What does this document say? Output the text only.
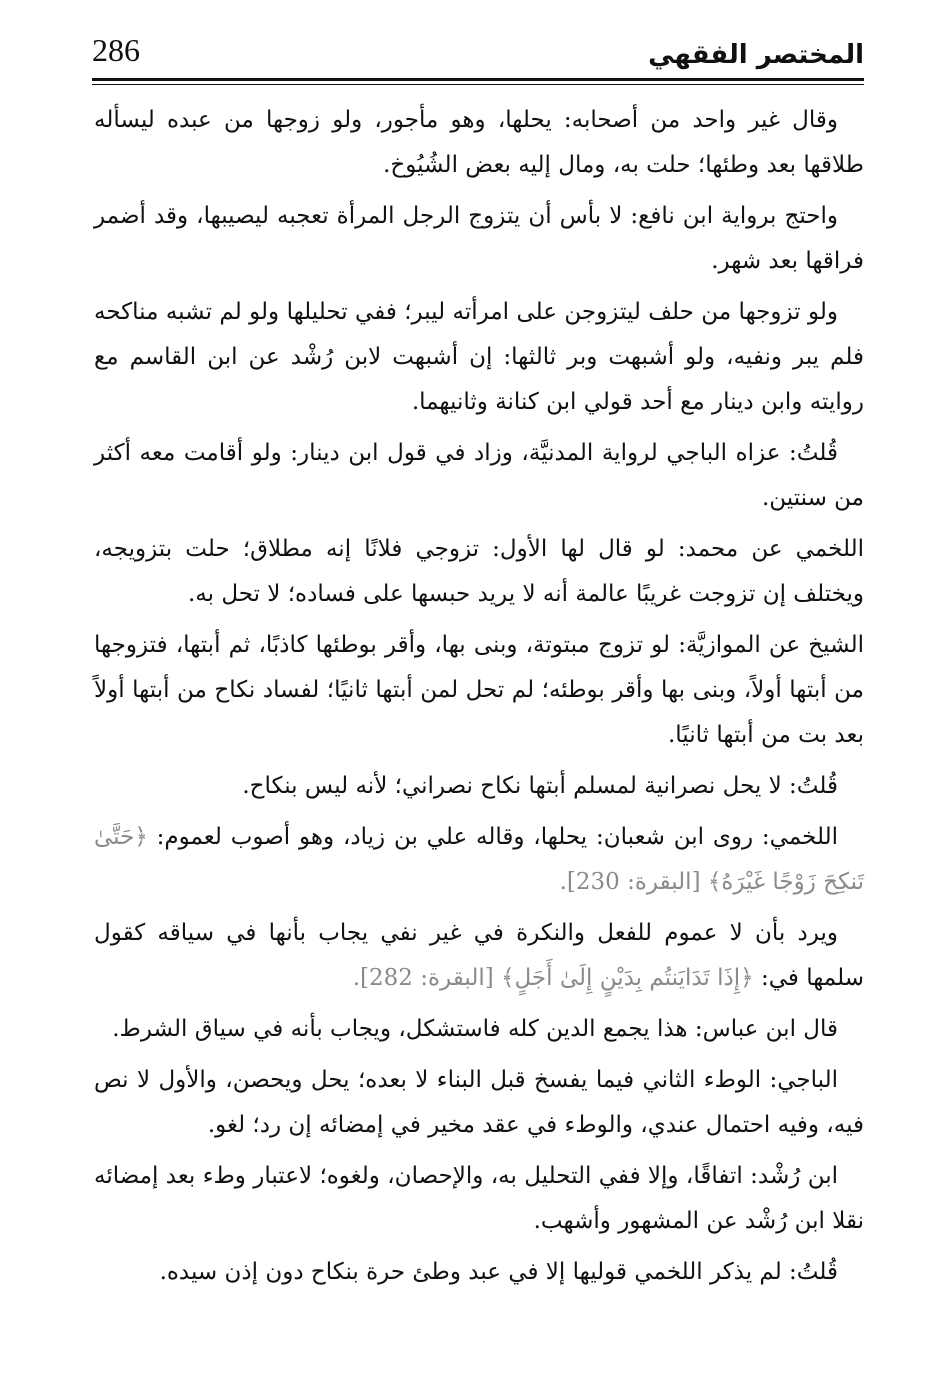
286	المختصر الفقهي

وقال غير واحد من أصحابه: يحلها، وهو مأجور، ولو زوجها من عبده ليسأله طلاقها بعد وطئها؛ حلت به، ومال إليه بعض الشُيُوخ.

واحتج برواية ابن نافع: لا بأس أن يتزوج الرجل المرأة تعجبه ليصيبها، وقد أضمر فراقها بعد شهر.

ولو تزوجها من حلف ليتزوجن على امرأته ليبر؛ ففي تحليلها ولو لم تشبه مناكحه فلم يبر ونفيه، ولو أشبهت وبر ثالثها: إن أشبهت لابن رُشْد عن ابن القاسم مع روايته وابن دينار مع أحد قولي ابن كنانة وثانيهما.

قُلتُ: عزاه الباجي لرواية المدنيَّة، وزاد في قول ابن دينار: ولو أقامت معه أكثر من سنتين.

اللخمي عن محمد: لو قال لها الأول: تزوجي فلانًا إنه مطلاق؛ حلت بتزويجه، ويختلف إن تزوجت غريبًا عالمة أنه لا يريد حبسها على فساده؛ لا تحل به.

الشيخ عن الموازيَّة: لو تزوج مبتوتة، وبنى بها، وأقر بوطئها كاذبًا، ثم أبتها، فتزوجها من أبتها أولاً، وبنى بها وأقر بوطئه؛ لم تحل لمن أبتها ثانيًا؛ لفساد نكاح من أبتها أولاً بعد بت من أبتها ثانيًا.

قُلتُ: لا يحل نصرانية لمسلم أبتها نكاح نصراني؛ لأنه ليس بنكاح.

اللخمي: روى ابن شعبان: يحلها، وقاله علي بن زياد، وهو أصوب لعموم: ﴿حَتَّىٰ تَنكِحَ زَوْجًا غَيْرَهُ﴾ [البقرة: 230].

ويرد بأن لا عموم للفعل والنكرة في غير نفي يجاب بأنها في سياقه كقول سلمها في: ﴿إِذَا تَدَايَنتُم بِدَيْنٍ إِلَىٰ أَجَلٍ﴾ [البقرة: 282].

قال ابن عباس: هذا يجمع الدين كله فاستشكل، ويجاب بأنه في سياق الشرط.

الباجي: الوطء الثاني فيما يفسخ قبل البناء لا بعده؛ يحل ويحصن، والأول لا نص فيه، وفيه احتمال عندي، والوطء في عقد مخير في إمضائه إن رد؛ لغو.

ابن رُشْد: اتفاقًا، وإلا ففي التحليل به، والإحصان، ولغوه؛ لاعتبار وطء بعد إمضائه نقلا ابن رُشْد عن المشهور وأشهب.

قُلتُ: لم يذكر اللخمي قوليها إلا في عبد وطئ حرة بنكاح دون إذن سيده.
